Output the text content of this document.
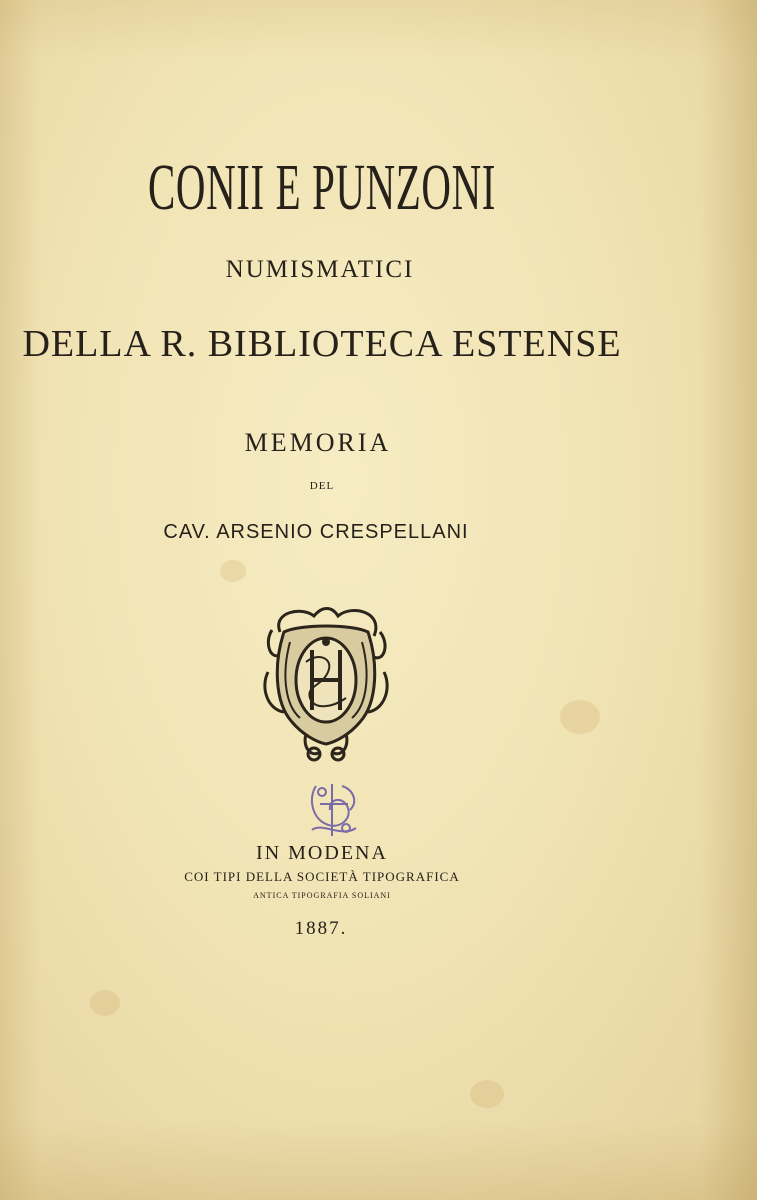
CONII E PUNZONI
NUMISMATICI
DELLA R. BIBLIOTECA ESTENSE
MEMORIA
DEL
CAV. ARSENIO CRESPELLANI
IN MODENA
COI TIPI DELLA SOCIETÀ TIPOGRAFICA
ANTICA TIPOGRAFIA SOLIANI
1887.
